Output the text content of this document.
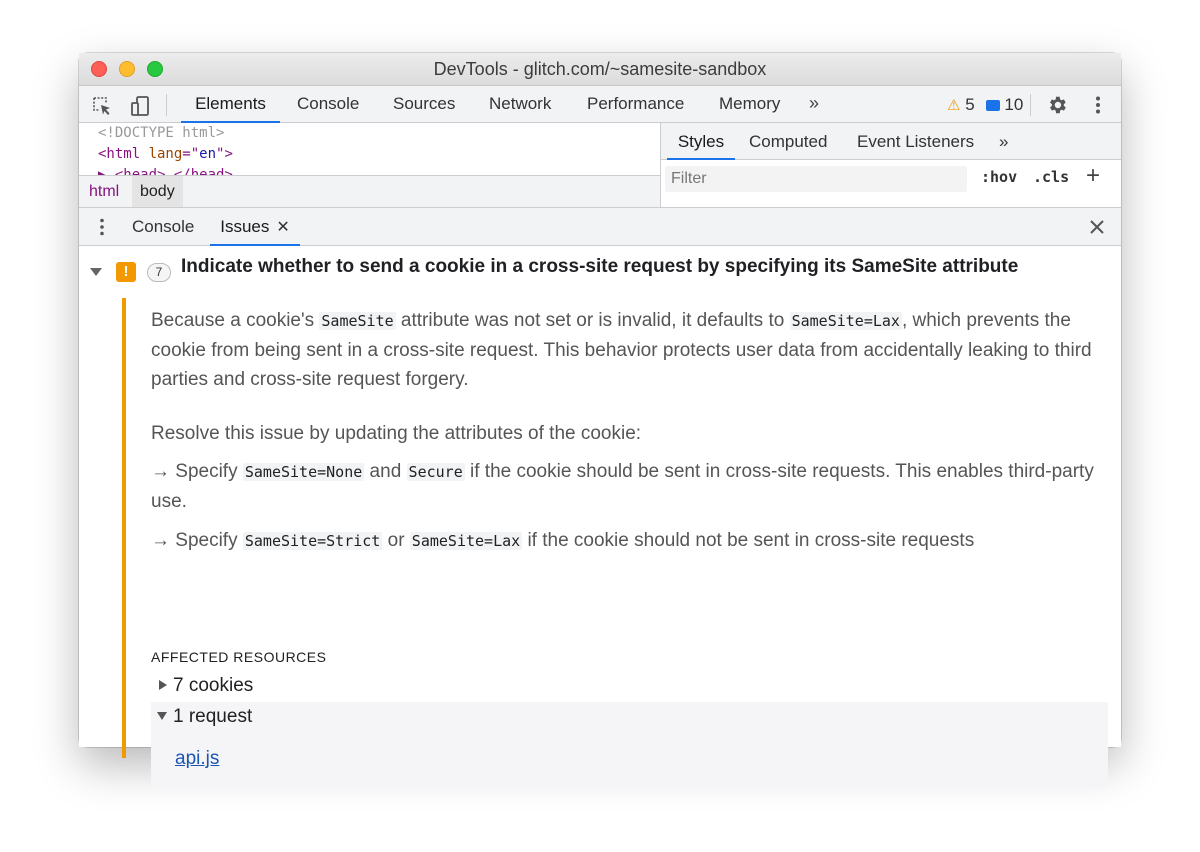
DevTools - glitch.com/~samesite-sandbox
Elements	Console Sources Network Performance Memory »	⚠ 5 10
<!DOCTYPE html>
<html lang="en">
html	body
Styles	Computed Event Listeners »
Filter
:hov .cls +
Console	Issues ✕
!	7 Indicate whether to send a cookie in a cross-site request by specifying its SameSite attribute
Because a cookie's SameSite attribute was not set or is invalid, it defaults to SameSite=Lax , which prevents the cookie from being sent in a cross-site request. This behavior protects user data from accidentally leaking to third parties and cross-site request forgery.
Resolve this issue by updating the attributes of the cookie:
→ Specify SameSite=None and Secure if the cookie should be sent in cross-site requests. This enables third-party use.
→ Specify SameSite=Strict or SameSite=Lax if the cookie should not be sent in cross-site requests
AFFECTED RESOURCES
7 cookies
1 request
api.js
